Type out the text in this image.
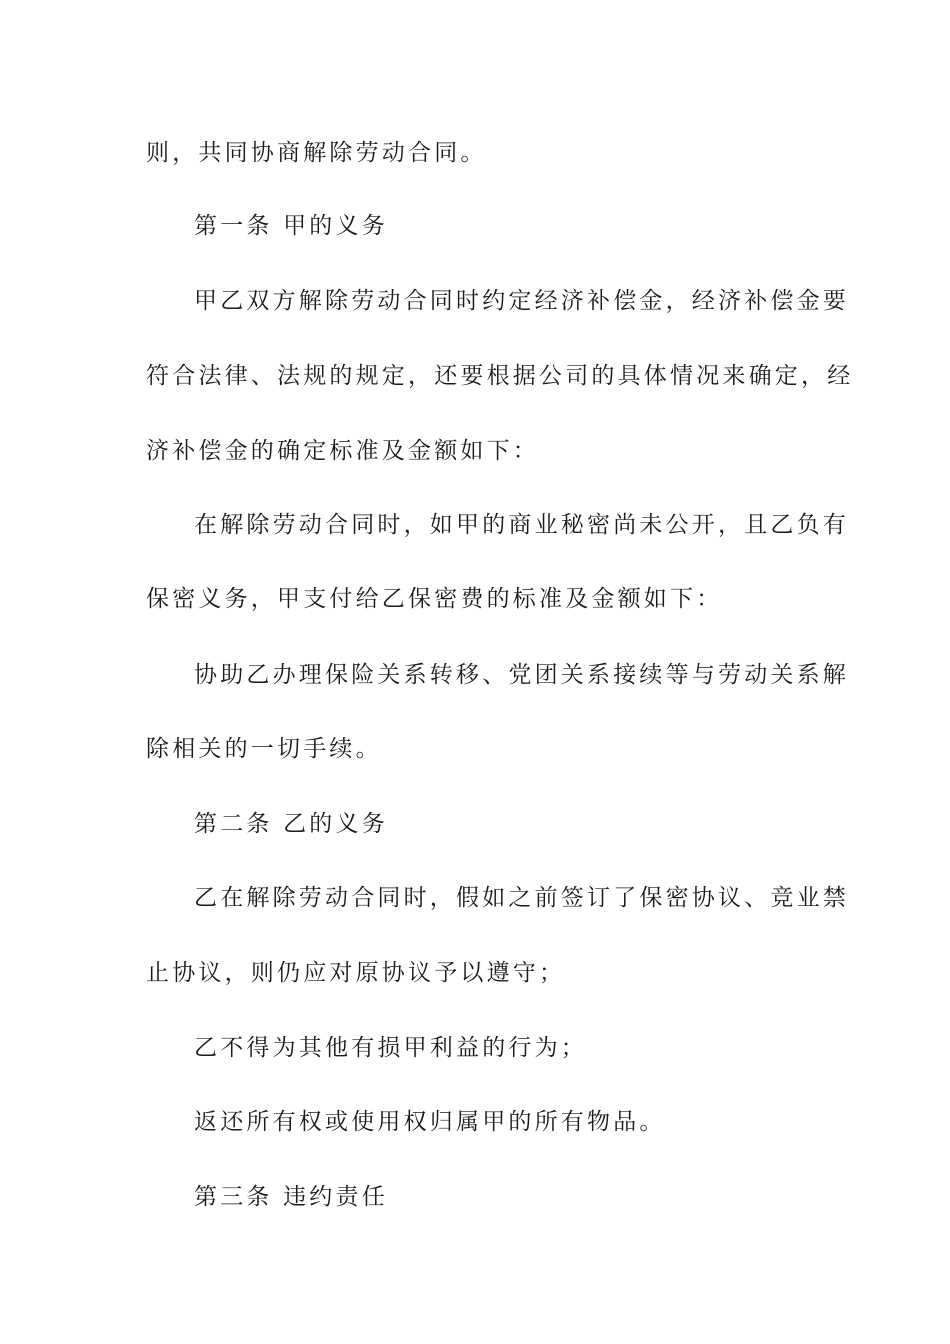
则，共同协商解除劳动合同。
第一条 甲的义务
甲乙双方解除劳动合同时约定经济补偿金，经济补偿金要
符合法律、法规的规定，还要根据公司的具体情况来确定，经
济补偿金的确定标准及金额如下：
在解除劳动合同时，如甲的商业秘密尚未公开，且乙负有
保密义务，甲支付给乙保密费的标准及金额如下：
协助乙办理保险关系转移、党团关系接续等与劳动关系解
除相关的一切手续。
第二条 乙的义务
乙在解除劳动合同时，假如之前签订了保密协议、竞业禁
止协议，则仍应对原协议予以遵守；
乙不得为其他有损甲利益的行为；
返还所有权或使用权归属甲的所有物品。
第三条 违约责任
